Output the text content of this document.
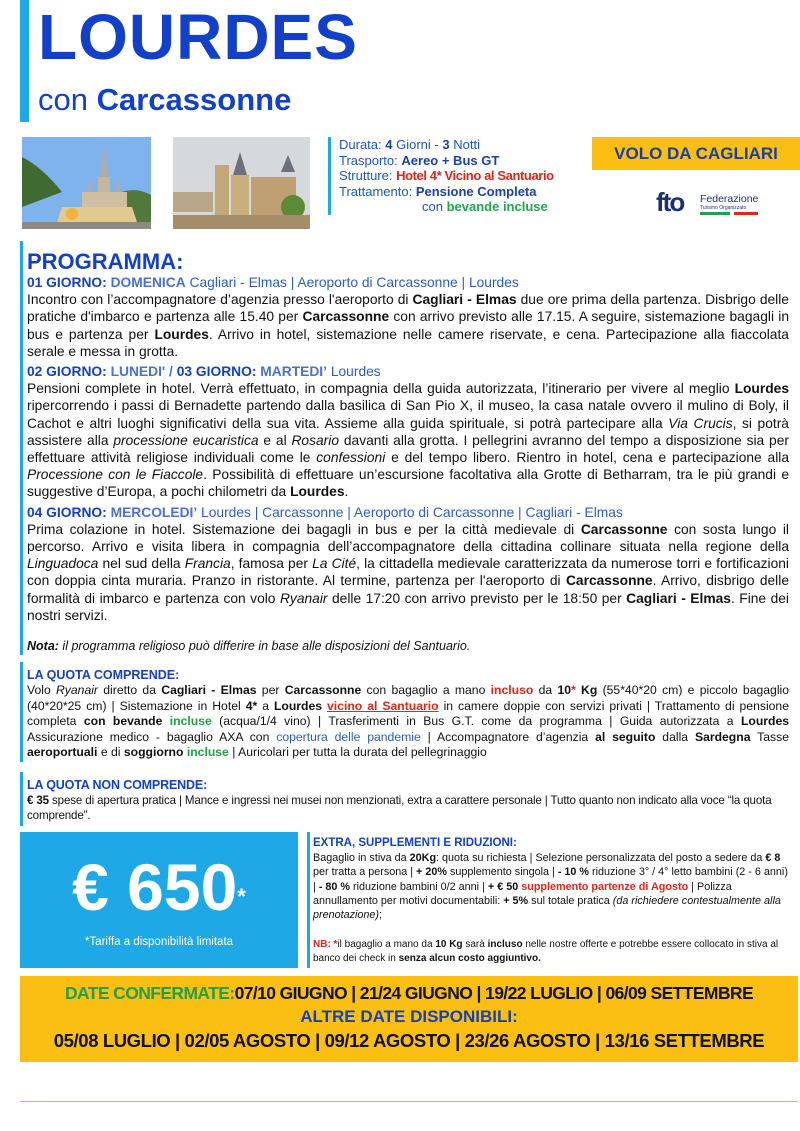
LOURDES
con Carcassonne
Durata: 4 Giorni - 3 Notti
Trasporto: Aereo + Bus GT
Strutture: Hotel 4* Vicino al Santuario
Trattamento: Pensione Completa
con bevande incluse
VOLO DA CAGLIARI
fto Federazione
Turismo Organizzato
PROGRAMMA:
01 GIORNO: DOMENICA Cagliari - Elmas | Aeroporto di Carcassonne | Lourdes

Incontro con l’accompagnatore d’agenzia presso l'aeroporto di Cagliari - Elmas due ore prima della partenza. Disbrigo delle pratiche d'imbarco e partenza alle 15.40 per Carcassonne con arrivo previsto alle 17.15. A seguire, sistemazione bagagli in bus e partenza per Lourdes. Arrivo in hotel, sistemazione nelle camere riservate, e cena. Partecipazione alla fiaccolata serale e messa in grotta.

02 GIORNO: LUNEDI' / 03 GIORNO: MARTEDI’ Lourdes

Pensioni complete in hotel. Verrà effettuato, in compagnia della guida autorizzata, l’itinerario per vivere al meglio Lourdes ripercorrendo i passi di Bernadette partendo dalla basilica di San Pio X, il museo, la casa natale ovvero il mulino di Boly, il Cachot e altri luoghi significativi della sua vita. Assieme alla guida spirituale, si potrà partecipare alla Via Crucis, si potrà assistere alla processione eucaristica e al Rosario davanti alla grotta. I pellegrini avranno del tempo a disposizione sia per effettuare attività religiose individuali come le confessioni e del tempo libero. Rientro in hotel, cena e partecipazione alla Processione con le Fiaccole. Possibilità di effettuare un’escursione facoltativa alla Grotte di Betharram, tra le più grandi e suggestive d’Europa, a pochi chilometri da Lourdes.

04 GIORNO: MERCOLEDI’ Lourdes | Carcassonne | Aeroporto di Carcassonne | Cagliari - Elmas

Prima colazione in hotel. Sistemazione dei bagagli in bus e per la città medievale di Carcassonne con sosta lungo il percorso. Arrivo e visita libera in compagnia dell’accompagnatore della cittadina collinare situata nella regione della Linguadoca nel sud della Francia, famosa per La Cité, la cittadella medievale caratterizzata da numerose torri e fortificazioni con doppia cinta muraria. Pranzo in ristorante. Al termine, partenza per l'aeroporto di Carcassonne. Arrivo, disbrigo delle formalità di imbarco e partenza con volo Ryanair delle 17:20 con arrivo previsto per le 18:50 per Cagliari - Elmas. Fine dei nostri servizi.

Nota: il programma religioso può differire in base alle disposizioni del Santuario.

LA QUOTA COMPRENDE:
Volo Ryanair diretto da Cagliari - Elmas per Carcassonne con bagaglio a mano incluso da 10* Kg (55*40*20 cm) e piccolo bagaglio (40*20*25 cm) | Sistemazione in Hotel 4* a Lourdes vicino al Santuario in camere doppie con servizi privati | Trattamento di pensione completa con bevande incluse (acqua/1/4 vino) | Trasferimenti in Bus G.T. come da programma | Guida autorizzata a Lourdes Assicurazione medico - bagaglio AXA con copertura delle pandemie | Accompagnatore d’agenzia al seguito dalla Sardegna Tasse aeroportuali e di soggiorno incluse | Auricolari per tutta la durata del pellegrinaggio
LA QUOTA NON COMPRENDE:
€ 35 spese di apertura pratica | Mance e ingressi nei musei non menzionati, extra a carattere personale | Tutto quanto non indicato alla voce “la quota comprende”.
€ 650*
*Tariffa a disponibilità limitata
EXTRA, SUPPLEMENTI E RIDUZIONI:
Bagaglio in stiva da 20Kg: quota su richiesta | Selezione personalizzata del posto a sedere da € 8 per tratta a persona | + 20% supplemento singola | - 10 % riduzione 3° / 4° letto bambini (2 - 6 anni) | - 80 % riduzione bambini 0/2 anni | + € 50 supplemento partenze di Agosto | Polizza annullamento per motivi documentabili: + 5% sul totale pratica (da richiedere contestualmente alla prenotazione);
NB: *il bagaglio a mano da 10 Kg sarà incluso nelle nostre offerte e potrebbe essere collocato in stiva al banco dei check in senza alcun costo aggiuntivo.
DATE CONFERMATE:07/10 GIUGNO | 21/24 GIUGNO | 19/22 LUGLIO | 06/09 SETTEMBRE
ALTRE DATE DISPONIBILI:
05/08 LUGLIO | 02/05 AGOSTO | 09/12 AGOSTO | 23/26 AGOSTO | 13/16 SETTEMBRE
